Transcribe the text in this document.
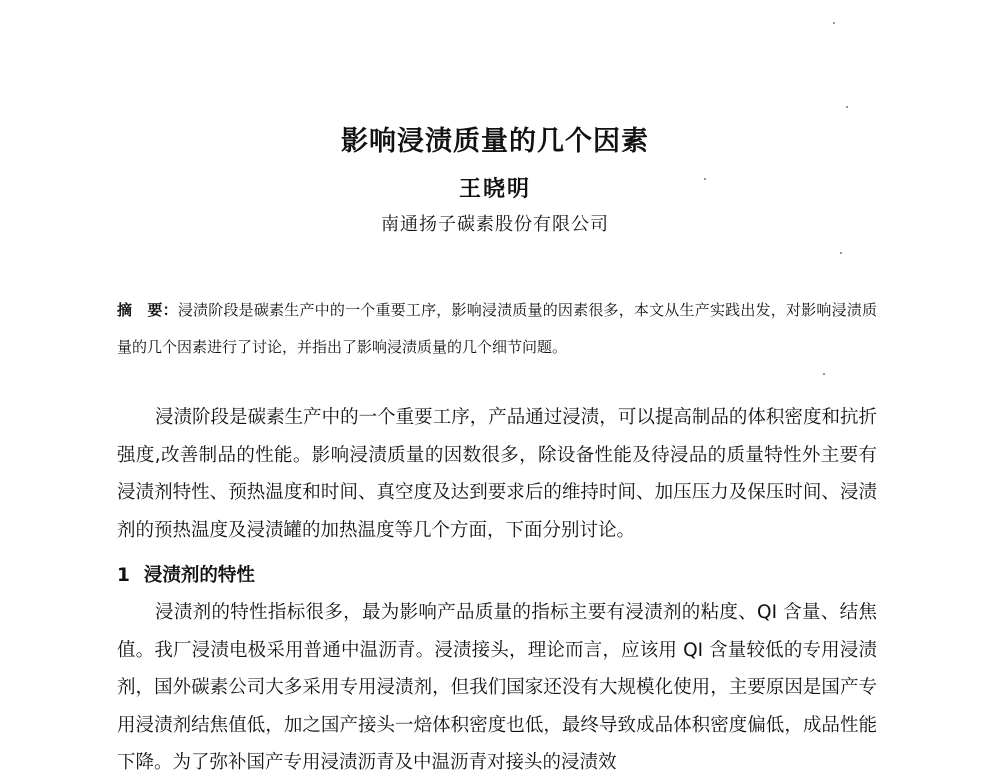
影响浸渍质量的几个因素
王晓明
南通扬子碳素股份有限公司
摘　要：浸渍阶段是碳素生产中的一个重要工序，影响浸渍质量的因素很多，本文从生产实践出发，对影响浸渍质量的几个因素进行了讨论，并指出了影响浸渍质量的几个细节问题。

浸渍阶段是碳素生产中的一个重要工序，产品通过浸渍，可以提高制品的体积密度和抗折强度,改善制品的性能。影响浸渍质量的因数很多，除设备性能及待浸品的质量特性外主要有浸渍剂特性、预热温度和时间、真空度及达到要求后的维持时间、加压压力及保压时间、浸渍剂的预热温度及浸渍罐的加热温度等几个方面，下面分别讨论。

1 浸渍剂的特性

浸渍剂的特性指标很多，最为影响产品质量的指标主要有浸渍剂的粘度、QI 含量、结焦值。我厂浸渍电极采用普通中温沥青。浸渍接头，理论而言，应该用 QI 含量较低的专用浸渍剂，国外碳素公司大多采用专用浸渍剂，但我们国家还没有大规模化使用，主要原因是国产专用浸渍剂结焦值低，加之国产接头一焙体积密度也低，最终导致成品体积密度偏低，成品性能下降。为了弥补国产专用浸渍沥青及中温沥青对接头的浸渍效
